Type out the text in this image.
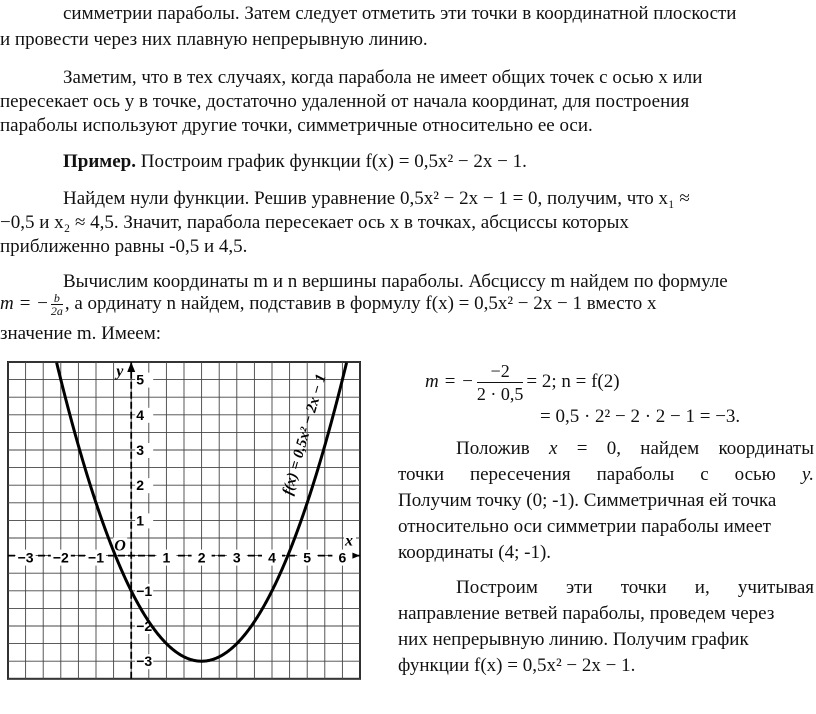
симметрии параболы. Затем следует отметить эти точки в координатной плоскости
и провести через них плавную непрерывную линию.
Заметим, что в тех случаях, когда парабола не имеет общих точек с осью x или
пересекает ось y в точке, достаточно удаленной от начала координат, для построения
параболы используют другие точки, симметричные относительно ее оси.
Пример. Построим график функции f(x) = 0,5x² − 2x − 1.
Найдем нули функции. Решив уравнение 0,5x² − 2x − 1 = 0, получим, что x₁ ≈
−0,5 и x₂ ≈ 4,5. Значит, парабола пересекает ось x в точках, абсциссы которых
приближенно равны -0,5 и 4,5.
Вычислим координаты m и n вершины параболы. Абсциссу m найдем по формуле
m = − $\frac{b}{2a}$ , а ординату n найдем, подставив в формулу f(x) = 0,5x² − 2x − 1 вместо x
значение m. Имеем:
−3 −2 −1	1 2 3 4 5 6
5
4
3
2
1
−1
−2
−3
x
y
O
f(x) = 0,5x² − 2x − 1	m = − $\frac{-2}{2 \cdot 0,5} = 2$; n = f(2)
= 0,5 · 2² − 2 · 2 − 1 = −3.
Положив x = 0, найдем координаты
точки пересечения параболы с осью y.
Получим точку (0; -1). Симметричная ей точка
относительно оси симметрии параболы имеет
координаты (4; -1).
Построим эти точки и, учитывая
направление ветвей параболы, проведем через
них непрерывную линию. Получим график
функции f(x) = 0,5x² − 2x − 1.
